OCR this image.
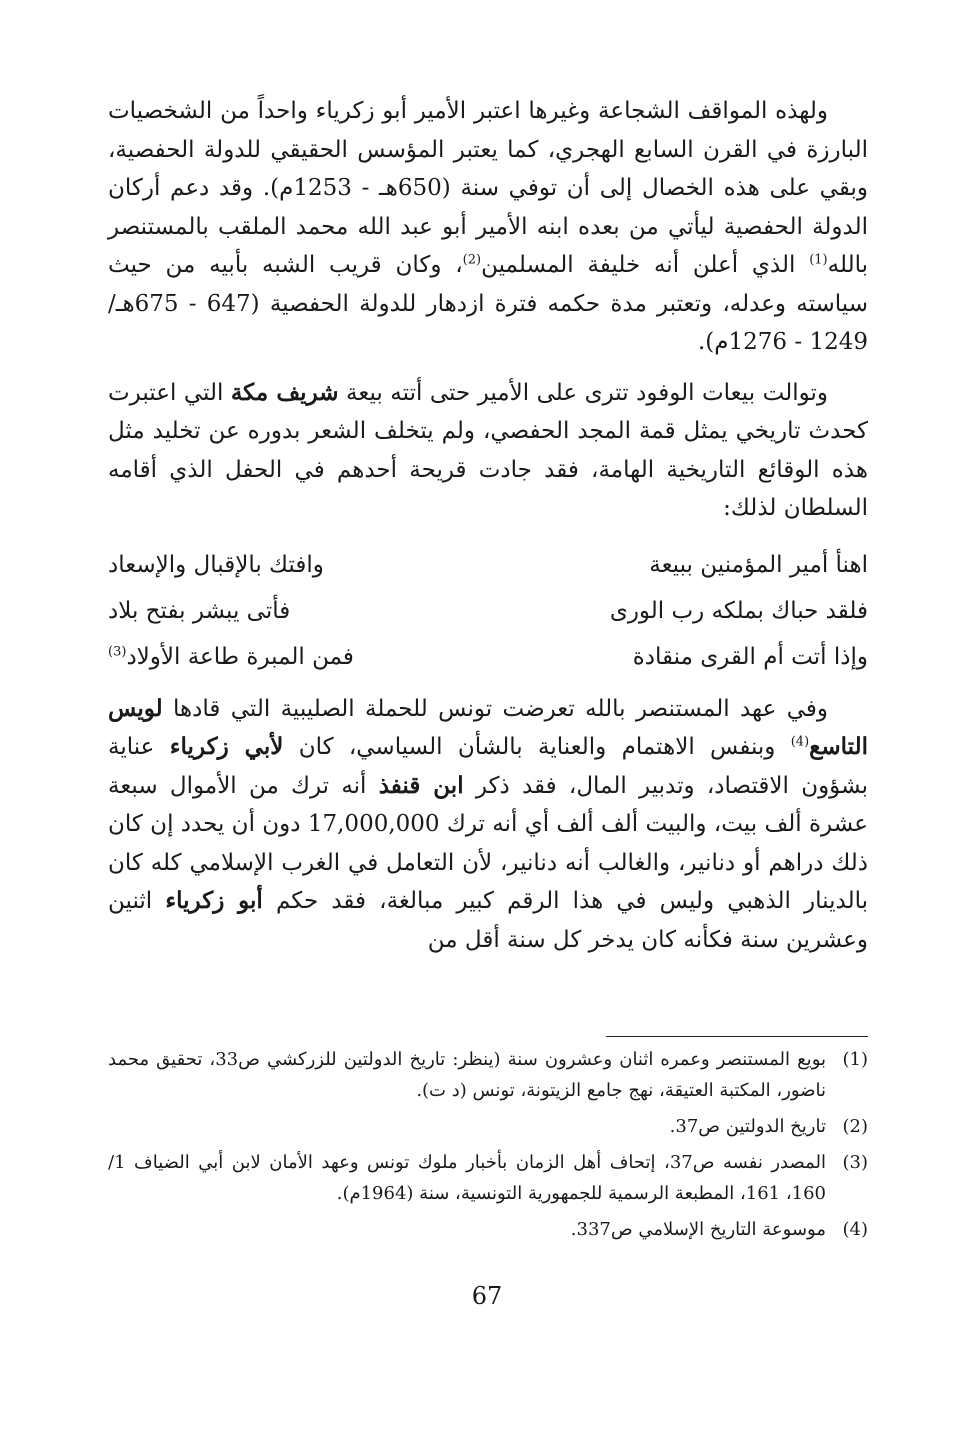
ولهذه المواقف الشجاعة وغيرها اعتبر الأمير أبو زكرياء واحداً من الشخصيات البارزة في القرن السابع الهجري، كما يعتبر المؤسس الحقيقي للدولة الحفصية، وبقي على هذه الخصال إلى أن توفي سنة (650هـ - 1253م). وقد دعم أركان الدولة الحفصية ليأتي من بعده ابنه الأمير أبو عبد الله محمد الملقب بالمستنصر بالله$^{(1)}$ الذي أعلن أنه خليفة المسلمين$^{(2)}$، وكان قريب الشبه بأبيه من حيث سياسته وعدله، وتعتبر مدة حكمه فترة ازدهار للدولة الحفصية (647 - 675هـ/ 1249 - 1276م).

وتوالت بيعات الوفود تترى على الأمير حتى أتته بيعة شريف مكة التي اعتبرت كحدث تاريخي يمثل قمة المجد الحفصي، ولم يتخلف الشعر بدوره عن تخليد مثل هذه الوقائع التاريخية الهامة، فقد جادت قريحة أحدهم في الحفل الذي أقامه السلطان لذلك:

اهنأ أمير المؤمنين ببيعة
وافتك بالإقبال والإسعاد
فلقد حباك بملكه رب الورى
فأتى يبشر بفتح بلاد
وإذا أتت أم القرى منقادة
فمن المبرة طاعة الأولاد$^{(3)}$

وفي عهد المستنصر بالله تعرضت تونس للحملة الصليبية التي قادها لويس التاسع$^{(4)}$ وبنفس الاهتمام والعناية بالشأن السياسي، كان لأبي زكرياء عناية بشؤون الاقتصاد، وتدبير المال، فقد ذكر ابن قنفذ أنه ترك من الأموال سبعة عشرة ألف بيت، والبيت ألف ألف أي أنه ترك 17,000,000 دون أن يحدد إن كان ذلك دراهم أو دنانير، والغالب أنه دنانير، لأن التعامل في الغرب الإسلامي كله كان بالدينار الذهبي وليس في هذا الرقم كبير مبالغة، فقد حكم أبو زكرياء اثنين وعشرين سنة فكأنه كان يدخر كل سنة أقل من

(1)
بويع المستنصر وعمره اثنان وعشرون سنة (ينظر: تاريخ الدولتين للزركشي ص33، تحقيق محمد ناضور، المكتبة العتيقة، نهج جامع الزيتونة، تونس (د ت).
(2)
تاريخ الدولتين ص37.
(3)
المصدر نفسه ص37، إتحاف أهل الزمان بأخبار ملوك تونس وعهد الأمان لابن أبي الضياف 1/ 160، 161، المطبعة الرسمية للجمهورية التونسية، سنة (1964م).
(4)
موسوعة التاريخ الإسلامي ص337.
67
